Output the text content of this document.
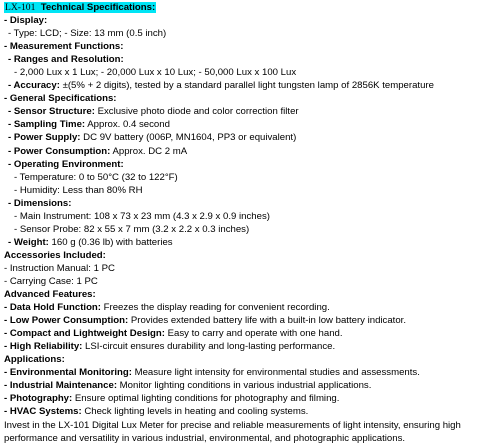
LX-101 Technical Specifications:
- Display:
- Type: LCD; - Size: 13 mm (0.5 inch)
- Measurement Functions:
- Ranges and Resolution:
- 2,000 Lux x 1 Lux; - 20,000 Lux x 10 Lux; - 50,000 Lux x 100 Lux
- Accuracy: ±(5% + 2 digits), tested by a standard parallel light tungsten lamp of 2856K temperature
- General Specifications:
- Sensor Structure: Exclusive photo diode and color correction filter
- Sampling Time: Approx. 0.4 second
- Power Supply: DC 9V battery (006P, MN1604, PP3 or equivalent)
- Power Consumption: Approx. DC 2 mA
- Operating Environment:
- Temperature: 0 to 50°C (32 to 122°F)
- Humidity: Less than 80% RH
- Dimensions:
- Main Instrument: 108 x 73 x 23 mm (4.3 x 2.9 x 0.9 inches)
- Sensor Probe: 82 x 55 x 7 mm (3.2 x 2.2 x 0.3 inches)
- Weight: 160 g (0.36 lb) with batteries
Accessories Included:
- Instruction Manual: 1 PC
- Carrying Case: 1 PC
Advanced Features:
- Data Hold Function: Freezes the display reading for convenient recording.
- Low Power Consumption: Provides extended battery life with a built-in low battery indicator.
- Compact and Lightweight Design: Easy to carry and operate with one hand.
- High Reliability: LSI-circuit ensures durability and long-lasting performance.
Applications:
- Environmental Monitoring: Measure light intensity for environmental studies and assessments.
- Industrial Maintenance: Monitor lighting conditions in various industrial applications.
- Photography: Ensure optimal lighting conditions for photography and filming.
- HVAC Systems: Check lighting levels in heating and cooling systems.
Invest in the LX-101 Digital Lux Meter for precise and reliable measurements of light intensity, ensuring high performance and versatility in various industrial, environmental, and photographic applications.
